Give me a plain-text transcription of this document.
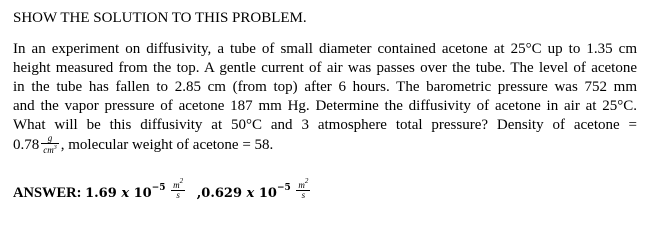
SHOW THE SOLUTION TO THIS PROBLEM.
In an experiment on diffusivity, a tube of small diameter contained acetone at 25°C up to 1.35 cm
height measured from the top. A gentle current of air was passes over the tube. The level of acetone
in the tube has fallen to 2.85 cm (from top) after 6 hours. The barometric pressure was 752 mm
and the vapor pressure of acetone 187 mm Hg. Determine the diffusivity of acetone in air at 25°C.
What will be this diffusivity at 50°C and 3 atmosphere total pressure? Density of acetone =
$0.78 \frac{g}{cm^3}$ , molecular weight of acetone = 58.
ANSWER: 1.69 x $10^{-5} \frac{m^2}{s} ,0.629$ x $10^{-5} \frac{m^2}{s}$
